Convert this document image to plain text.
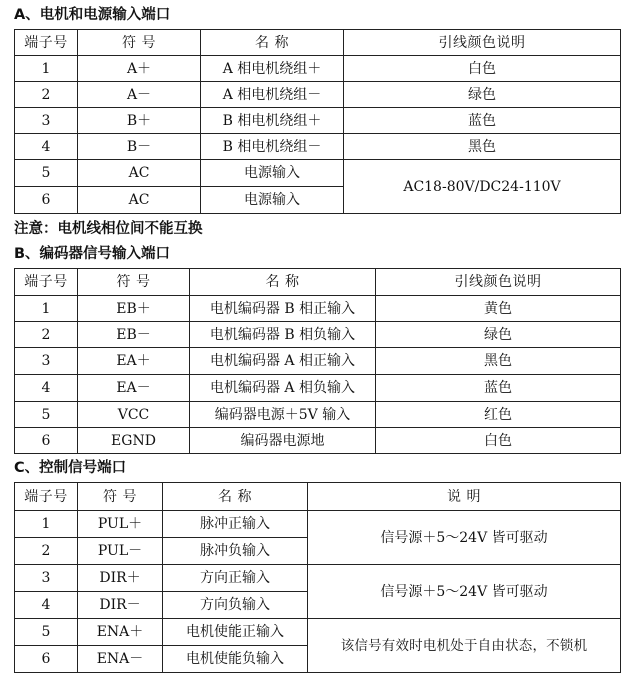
A、电机和电源输入端口
端子号	符 号	名 称	引线颜色说明
1	A＋	A 相电机绕组＋	白色
2	A－	A 相电机绕组－	绿色
3	B＋	B 相电机绕组＋	蓝色
4	B－	B 相电机绕组－	黑色
5	AC	电源输入	AC18-80V/DC24-110V
6	AC	电源输入	
注意：电机线相位间不能互换
B、编码器信号输入端口
端子号	符 号	名 称	引线颜色说明
1	EB＋	电机编码器 B 相正输入	黄色
2	EB－	电机编码器 B 相负输入	绿色
3	EA＋	电机编码器 A 相正输入	黑色
4	EA－	电机编码器 A 相负输入	蓝色
5	VCC	编码器电源＋5V 输入	红色
6	EGND	编码器电源地	白色
C、控制信号端口
端子号	符 号	名 称	说 明
1	PUL＋	脉冲正输入	信号源＋5～24V 皆可驱动
2	PUL－	脉冲负输入	
3	DIR＋	方向正输入	信号源＋5～24V 皆可驱动
4	DIR－	方向负输入	
5	ENA＋	电机使能正输入	该信号有效时电机处于自由状态，不锁机
6	ENA－	电机使能负输入	
